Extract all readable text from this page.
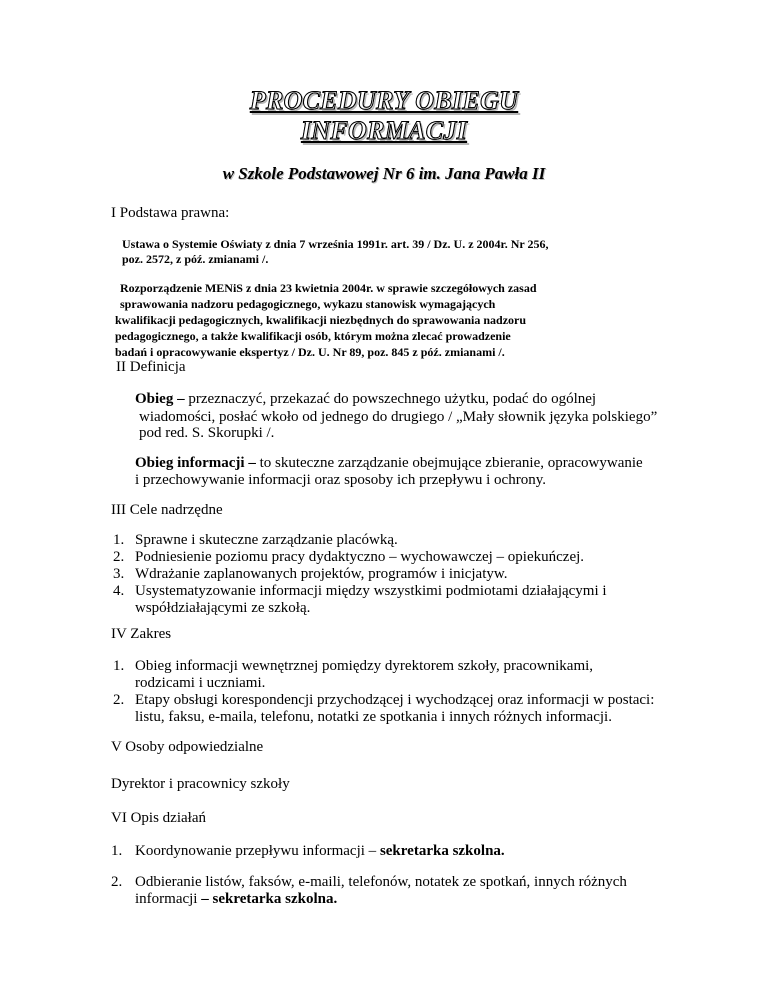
PROCEDURY OBIEGU
INFORMACJI
w Szkole Podstawowej Nr 6 im. Jana Pawła II
I Podstawa prawna:
Ustawa o Systemie Oświaty z dnia 7 września 1991r. art. 39 / Dz. U. z 2004r. Nr 256,
poz. 2572, z póź. zmianami /.
Rozporządzenie MENiS z dnia 23 kwietnia 2004r. w sprawie szczegółowych zasad
sprawowania nadzoru pedagogicznego, wykazu stanowisk wymagających
kwalifikacji pedagogicznych, kwalifikacji niezbędnych do sprawowania nadzoru
pedagogicznego, a także kwalifikacji osób, którym można zlecać prowadzenie
badań i opracowywanie ekspertyz / Dz. U. Nr 89, poz. 845 z póź. zmianami /.
II Definicja
Obieg – przeznaczyć, przekazać do powszechnego użytku, podać do ogólnej
wiadomości, posłać wkoło od jednego do drugiego / „Mały słownik języka polskiego”
pod red. S. Skorupki /.
Obieg informacji – to skuteczne zarządzanie obejmujące zbieranie, opracowywanie
i przechowywanie informacji oraz sposoby ich przepływu i ochrony.
III Cele nadrzędne
1. Sprawne i skuteczne zarządzanie placówką.
2. Podniesienie poziomu pracy dydaktyczno – wychowawczej – opiekuńczej.
3. Wdrażanie zaplanowanych projektów, programów i inicjatyw.
4. Usystematyzowanie informacji między wszystkimi podmiotami działającymi i
współdziałającymi ze szkołą.
IV Zakres
1. Obieg informacji wewnętrznej pomiędzy dyrektorem szkoły, pracownikami,
rodzicami i uczniami.
2. Etapy obsługi korespondencji przychodzącej i wychodzącej oraz informacji w postaci:
listu, faksu, e-maila, telefonu, notatki ze spotkania i innych różnych informacji.
V Osoby odpowiedzialne
Dyrektor i pracownicy szkoły
VI Opis działań
1. Koordynowanie przepływu informacji – sekretarka szkolna.
2. Odbieranie listów, faksów, e-maili, telefonów, notatek ze spotkań, innych różnych
informacji – sekretarka szkolna.
